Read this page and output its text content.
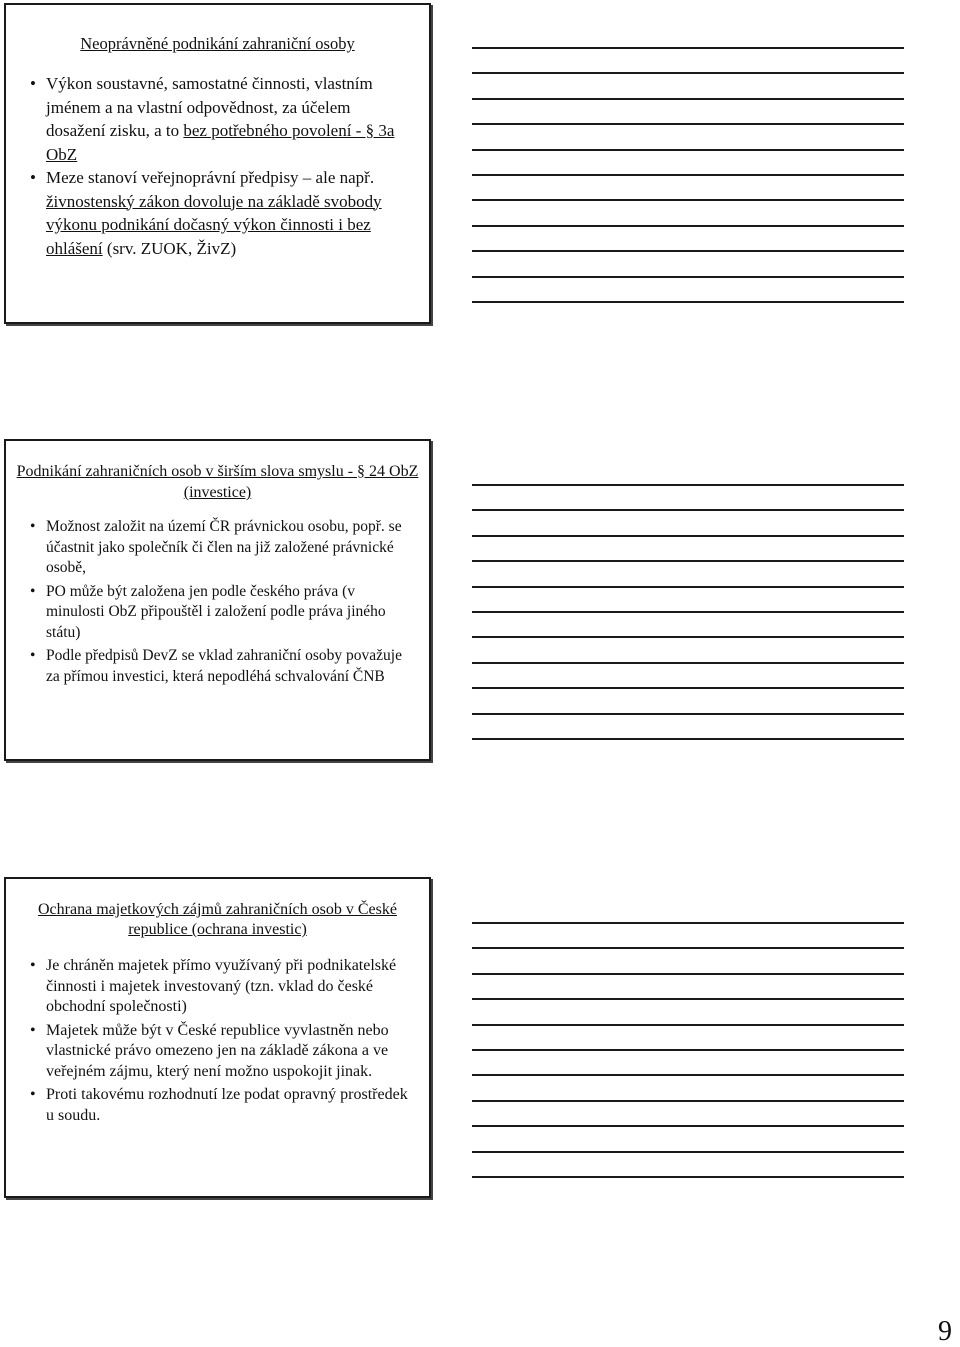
Neoprávněné podnikání zahraniční osoby
• Výkon soustavné, samostatné činnosti, vlastním jménem a na vlastní odpovědnost, za účelem dosažení zisku, a to bez potřebného povolení - § 3a ObZ
• Meze stanoví veřejnoprávní předpisy – ale např. živnostenský zákon dovoluje na základě svobody výkonu podnikání dočasný výkon činnosti i bez ohlášení (srv. ZUOK, ŽivZ)
Podnikání zahraničních osob v širším slova smyslu - § 24 ObZ (investice)
• Možnost založit na území ČR právnickou osobu, popř. se účastnit jako společník či člen na již založené právnické osobě,
• PO může být založena jen podle českého práva (v minulosti ObZ připouštěl i založení podle práva jiného státu)
• Podle předpisů DevZ se vklad zahraniční osoby považuje za přímou investici, která nepodléhá schvalování ČNB
Ochrana majetkových zájmů zahraničních osob v České republice (ochrana investic)
• Je chráněn majetek přímo využívaný při podnikatelské činnosti i majetek investovaný (tzn. vklad do české obchodní společnosti)
• Majetek může být v České republice vyvlastněn nebo vlastnické právo omezeno jen na základě zákona a ve veřejném zájmu, který není možno uspokojit jinak.
• Proti takovému rozhodnutí lze podat opravný prostředek u soudu.
9
